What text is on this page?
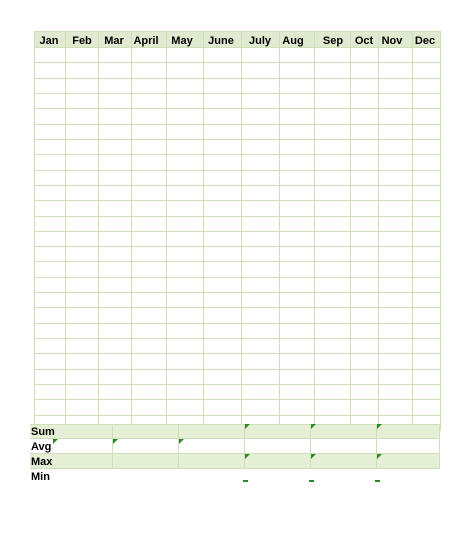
Jan Feb Mar April May June July Aug Sep Oct Nov Dec
Sum
Avg
Max
Min
